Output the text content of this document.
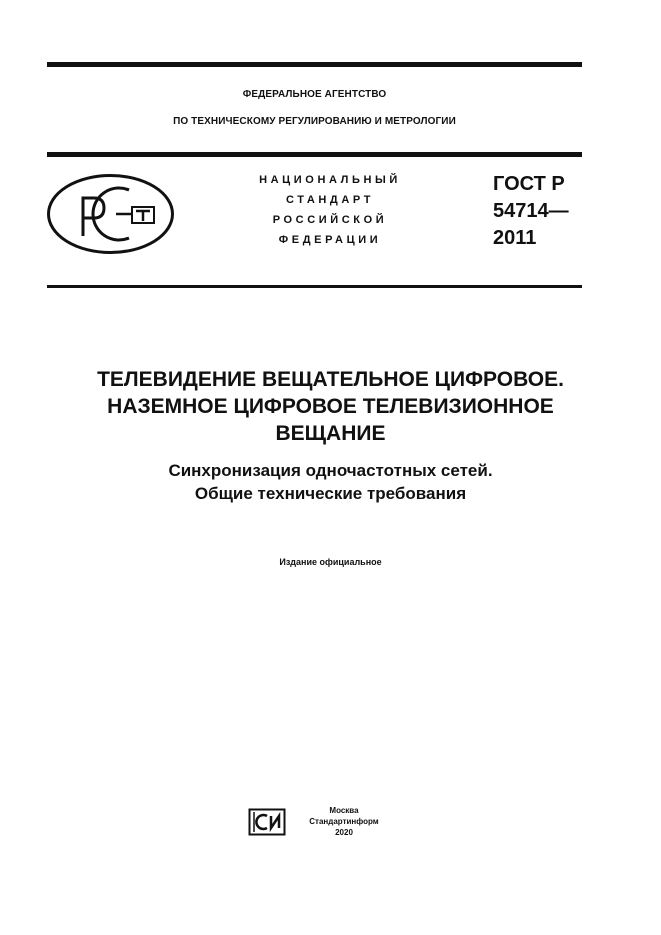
ФЕДЕРАЛЬНОЕ АГЕНТСТВО
ПО ТЕХНИЧЕСКОМУ РЕГУЛИРОВАНИЮ И МЕТРОЛОГИИ
НАЦИОНАЛЬНЫЙ
СТАНДАРТ
РОССИЙСКОЙ
ФЕДЕРАЦИИ
ГОСТ Р
54714—
2011
ТЕЛЕВИДЕНИЕ ВЕЩАТЕЛЬНОЕ ЦИФРОВОЕ.
НАЗЕМНОЕ ЦИФРОВОЕ ТЕЛЕВИЗИОННОЕ
ВЕЩАНИЕ
Синхронизация одночастотных сетей.
Общие технические требования
Издание официальное
Москва
Стандартинформ
2020
